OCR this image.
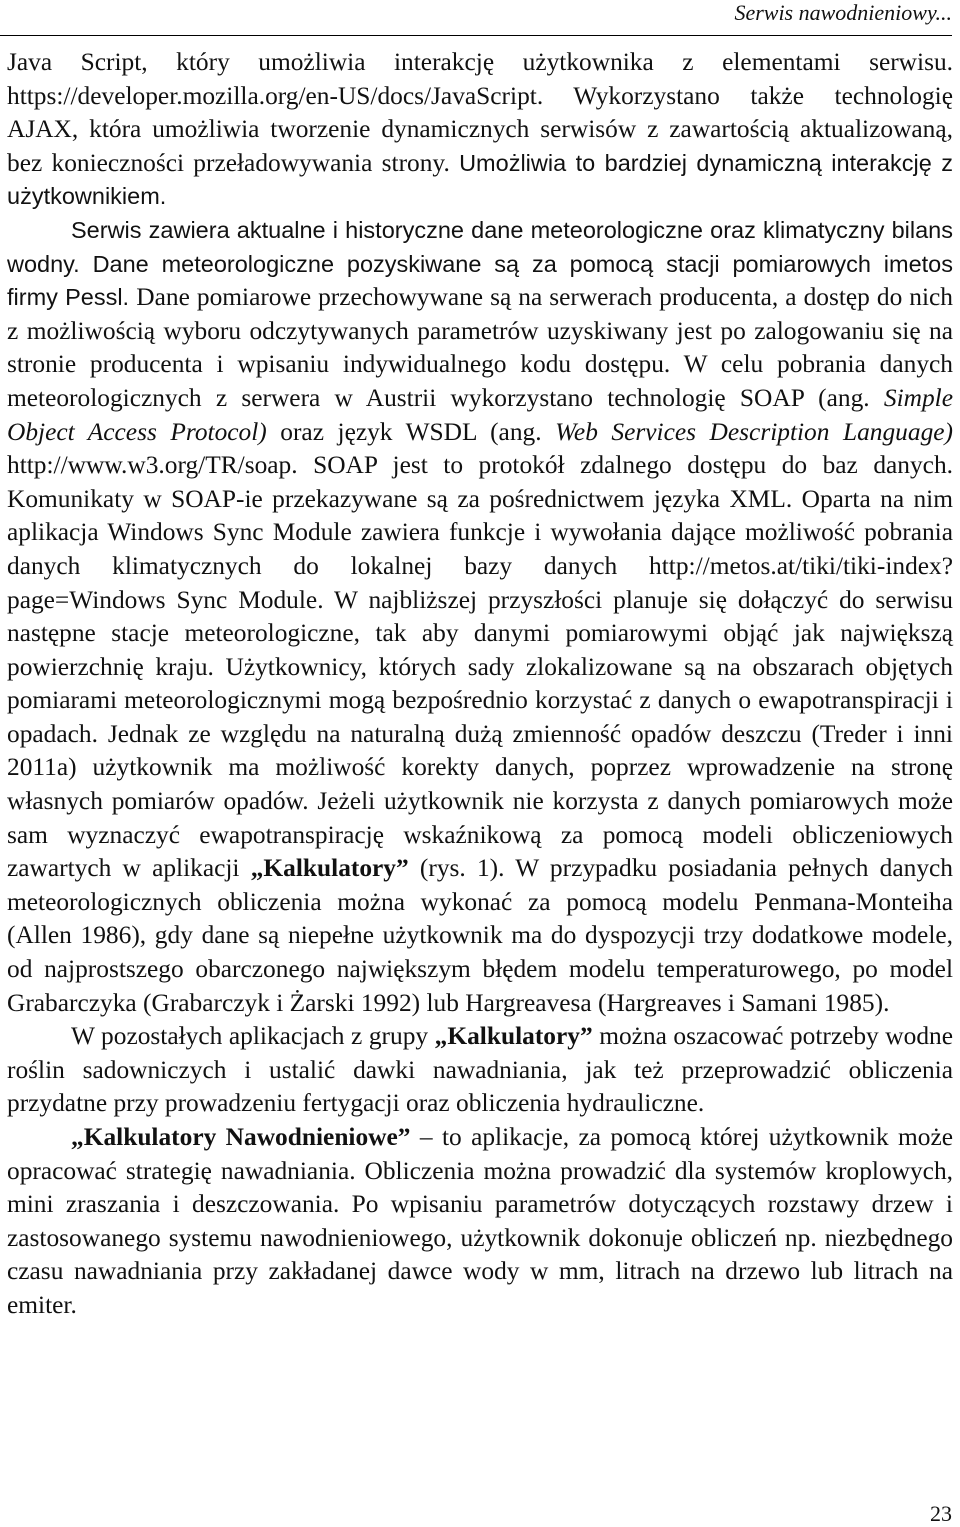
Serwis nawodnieniowy...

Java Script, który umożliwia interakcję użytkownika z elementami serwisu. https://developer.mozilla.org/en-US/docs/JavaScript. Wykorzystano także technologię AJAX, która umożliwia tworzenie dynamicznych serwisów z zawartością aktualizowaną, bez konieczności przeładowywania strony. Umożliwia to bardziej dynamiczną interakcję z użytkownikiem.

Serwis zawiera aktualne i historyczne dane meteorologiczne oraz klimatyczny bilans wodny. Dane meteorologiczne pozyskiwane są za pomocą stacji pomiarowych imetos firmy Pessl. Dane pomiarowe przechowywane są na serwerach producenta, a dostęp do nich z możliwością wyboru odczytywanych parametrów uzyskiwany jest po zalogowaniu się na stronie producenta i wpisaniu indywidualnego kodu dostępu. W celu pobrania danych meteorologicznych z serwera w Austrii wykorzystano technologię SOAP (ang. Simple Object Access Protocol) oraz język WSDL (ang. Web Services Description Language) http://www.w3.org/TR/soap. SOAP jest to protokół zdalnego dostępu do baz danych. Komunikaty w SOAP-ie przekazywane są za pośrednictwem języka XML. Oparta na nim aplikacja Windows Sync Module zawiera funkcje i wywołania dające możliwość pobrania danych klimatycznych do lokalnej bazy danych http://metos.at/tiki/tiki-index?page=Windows Sync Module. W najbliższej przyszłości planuje się dołączyć do serwisu następne stacje meteorologiczne, tak aby danymi pomiarowymi objąć jak największą powierzchnię kraju. Użytkownicy, których sady zlokalizowane są na obszarach objętych pomiarami meteorologicznymi mogą bezpośrednio korzystać z danych o ewapotranspiracji i opadach. Jednak ze względu na naturalną dużą zmienność opadów deszczu (Treder i inni 2011a) użytkownik ma możliwość korekty danych, poprzez wprowadzenie na stronę własnych pomiarów opadów. Jeżeli użytkownik nie korzysta z danych pomiarowych może sam wyznaczyć ewapotranspirację wskaźnikową za pomocą modeli obliczeniowych zawartych w aplikacji „Kalkulatory” (rys. 1). W przypadku posiadania pełnych danych meteorologicznych obliczenia można wykonać za pomocą modelu Penmana-Monteiha (Allen 1986), gdy dane są niepełne użytkownik ma do dyspozycji trzy dodatkowe modele, od najprostszego obarczonego największym błędem modelu temperaturowego, po model Grabarczyka (Grabarczyk i Żarski 1992) lub Hargreavesa (Hargreaves i Samani 1985).

W pozostałych aplikacjach z grupy „Kalkulatory” można oszacować potrzeby wodne roślin sadowniczych i ustalić dawki nawadniania, jak też przeprowadzić obliczenia przydatne przy prowadzeniu fertygacji oraz obliczenia hydrauliczne.

„Kalkulatory Nawodnieniowe” – to aplikacje, za pomocą której użytkownik może opracować strategię nawadniania. Obliczenia można prowadzić dla systemów kroplowych, mini zraszania i deszczowania. Po wpisaniu parametrów dotyczących rozstawy drzew i zastosowanego systemu nawodnieniowego, użytkownik dokonuje obliczeń np. niezbędnego czasu nawadniania przy zakładanej dawce wody w mm, litrach na drzewo lub litrach na emiter.

23
